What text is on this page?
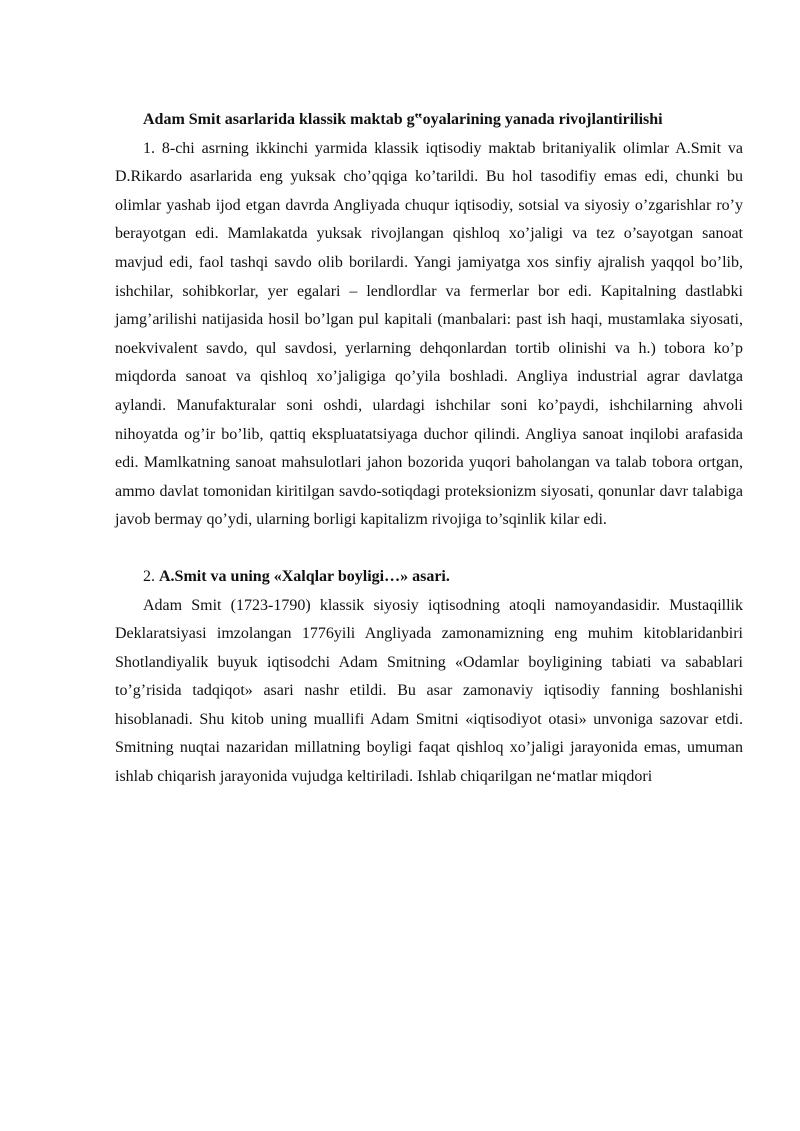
Adam Smit asarlarida klassik maktab g‟oyalarining yanada rivojlantirilishi

1. 8-chi asrning ikkinchi yarmida klassik iqtisodiy maktab britaniyalik olimlar A.Smit va D.Rikardo asarlarida eng yuksak cho’qqiga ko’tarildi. Bu hol tasodifiy emas edi, chunki bu olimlar yashab ijod etgan davrda Angliyada chuqur iqtisodiy, sotsial va siyosiy o’zgarishlar ro’y berayotgan edi. Mamlakatda yuksak rivojlangan qishloq xo’jaligi va tez o’sayotgan sanoat mavjud edi, faol tashqi savdo olib borilardi. Yangi jamiyatga xos sinfiy ajralish yaqqol bo’lib, ishchilar, sohibkorlar, yer egalari – lendlordlar va fermerlar bor edi. Kapitalning dastlabki jamg’arilishi natijasida hosil bo’lgan pul kapitali (manbalari: past ish haqi, mustamlaka siyosati, noekvivalent savdo, qul savdosi, yerlarning dehqonlardan tortib olinishi va h.) tobora ko’p miqdorda sanoat va qishloq xo’jaligiga qo’yila boshladi. Angliya industrial agrar davlatga aylandi. Manufakturalar soni oshdi, ulardagi ishchilar soni ko’paydi, ishchilarning ahvoli nihoyatda og’ir bo’lib, qattiq ekspluatatsiyaga duchor qilindi. Angliya sanoat inqilobi arafasida edi. Mamlkatning sanoat mahsulotlari jahon bozorida yuqori baholangan va talab tobora ortgan, ammo davlat tomonidan kiritilgan savdo-sotiqdagi proteksionizm siyosati, qonunlar davr talabiga javob bermay qo’ydi, ularning borligi kapitalizm rivojiga to’sqinlik kilar edi.

2. A.Smit va uning «Xalqlar boyligi…» asari.

Adam Smit (1723-1790) klassik siyosiy iqtisodning atoqli namoyandasidir. Mustaqillik Deklaratsiyasi imzolangan 1776yili Angliyada zamonamizning eng muhim kitoblaridanbiri Shotlandiyalik buyuk iqtisodchi Adam Smitning «Odamlar boyligining tabiati va sabablari to’g’risida tadqiqot» asari nashr etildi. Bu asar zamonaviy iqtisodiy fanning boshlanishi hisoblanadi. Shu kitob uning muallifi Adam Smitni «iqtisodiyot otasi» unvoniga sazovar etdi. Smitning nuqtai nazaridan millatning boyligi faqat qishloq xo’jaligi jarayonida emas, umuman ishlab chiqarish jarayonida vujudga keltiriladi. Ishlab chiqarilgan ne‘matlar miqdori
